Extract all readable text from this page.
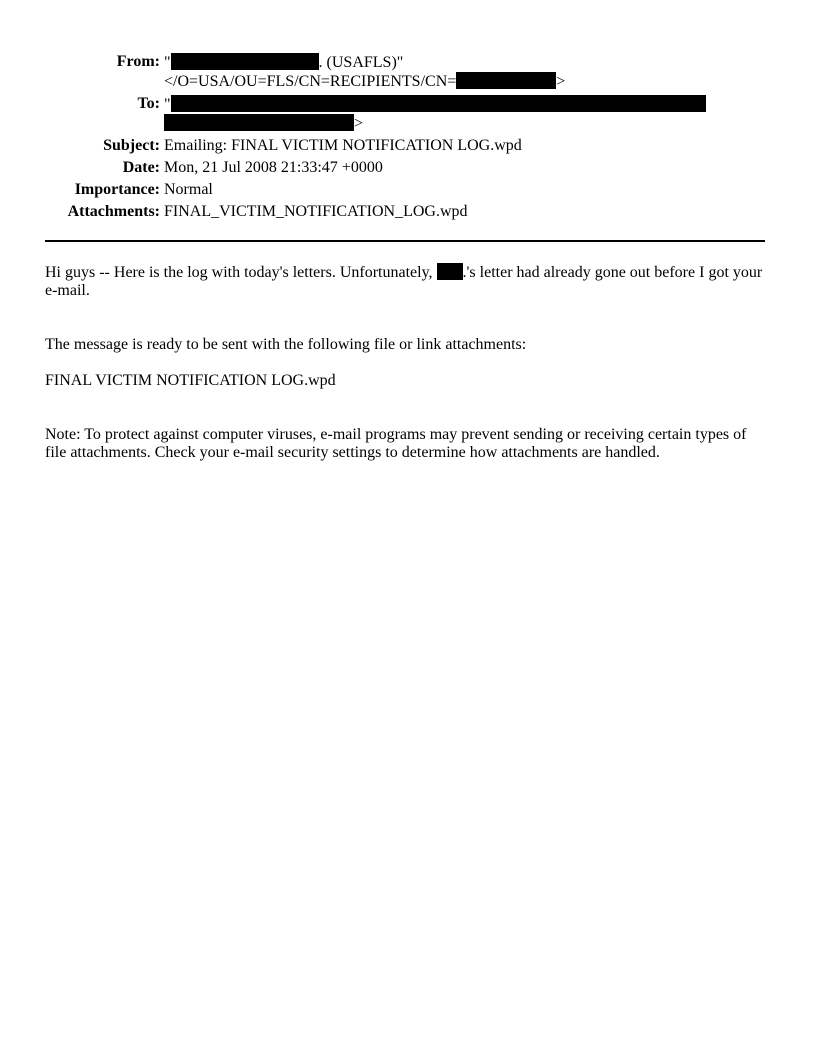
From: "	. (USAFLS)"
</O=USA/OU=FLS/CN=RECIPIENTS/CN=	>
To: "
>
Subject: Emailing: FINAL VICTIM NOTIFICATION LOG.wpd
Date: Mon, 21 Jul 2008 21:33:47 +0000
Importance: Normal
Attachments: FINAL_VICTIM_NOTIFICATION_LOG.wpd

Hi guys -- Here is the log with today's letters. Unfortunately, .'s letter had already gone out before I got your e-mail.

The message is ready to be sent with the following file or link attachments:

FINAL VICTIM NOTIFICATION LOG.wpd

Note: To protect against computer viruses, e-mail programs may prevent sending or receiving certain types of file attachments. Check your e-mail security settings to determine how attachments are handled.
